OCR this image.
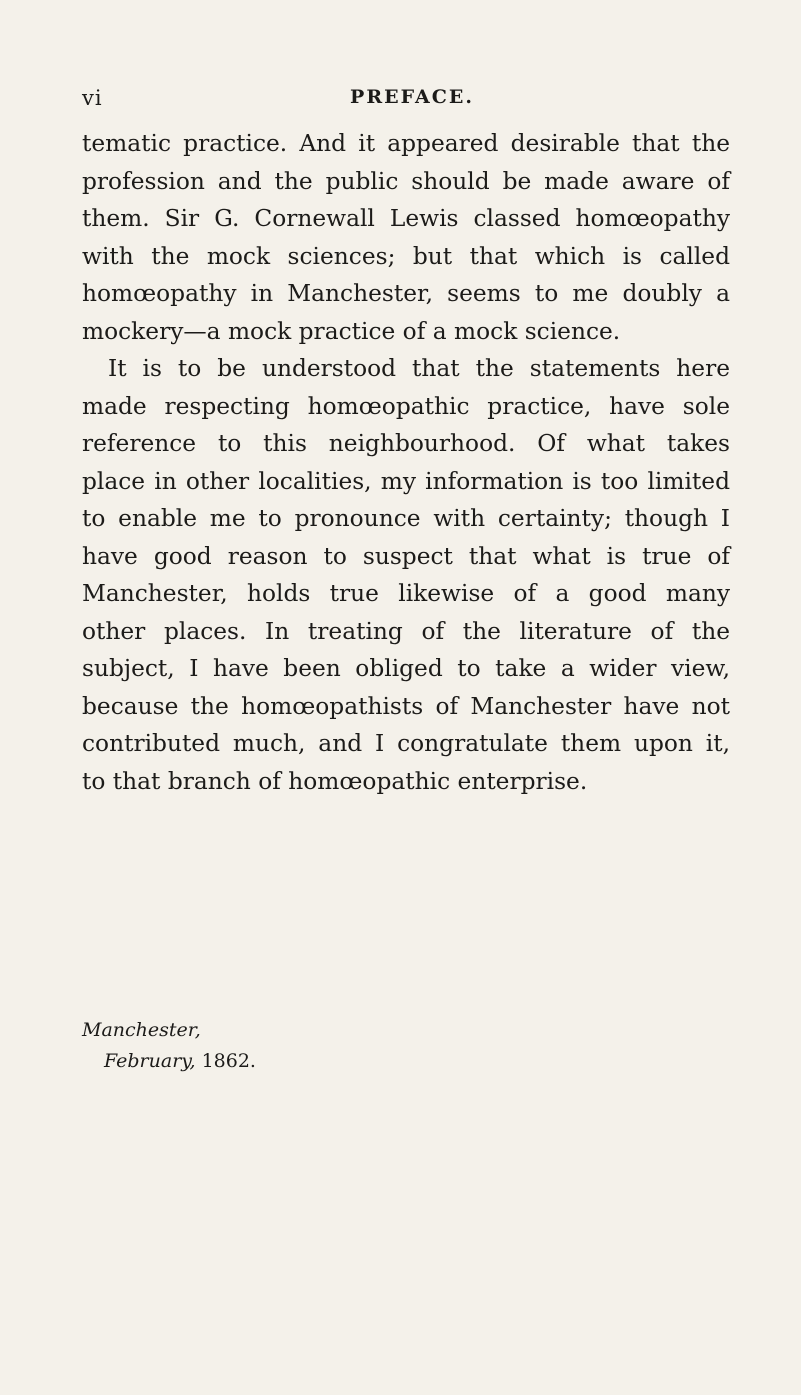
vi	PREFACE.
tematic practice. And it appeared desirable that the
profession and the public should be made aware of
them. Sir G. Cornewall Lewis classed homœopathy
with the mock sciences; but that which is called
homœopathy in Manchester, seems to me doubly a
mockery—a mock practice of a mock science.
It is to be understood that the statements here
made respecting homœopathic practice, have sole
reference to this neighbourhood. Of what takes
place in other localities, my information is too limited
to enable me to pronounce with certainty; though I
have good reason to suspect that what is true of
Manchester, holds true likewise of a good many
other places. In treating of the literature of the
subject, I have been obliged to take a wider view,
because the homœopathists of Manchester have not
contributed much, and I congratulate them upon it,
to that branch of homœopathic enterprise.
Manchester,
February, 1862.
